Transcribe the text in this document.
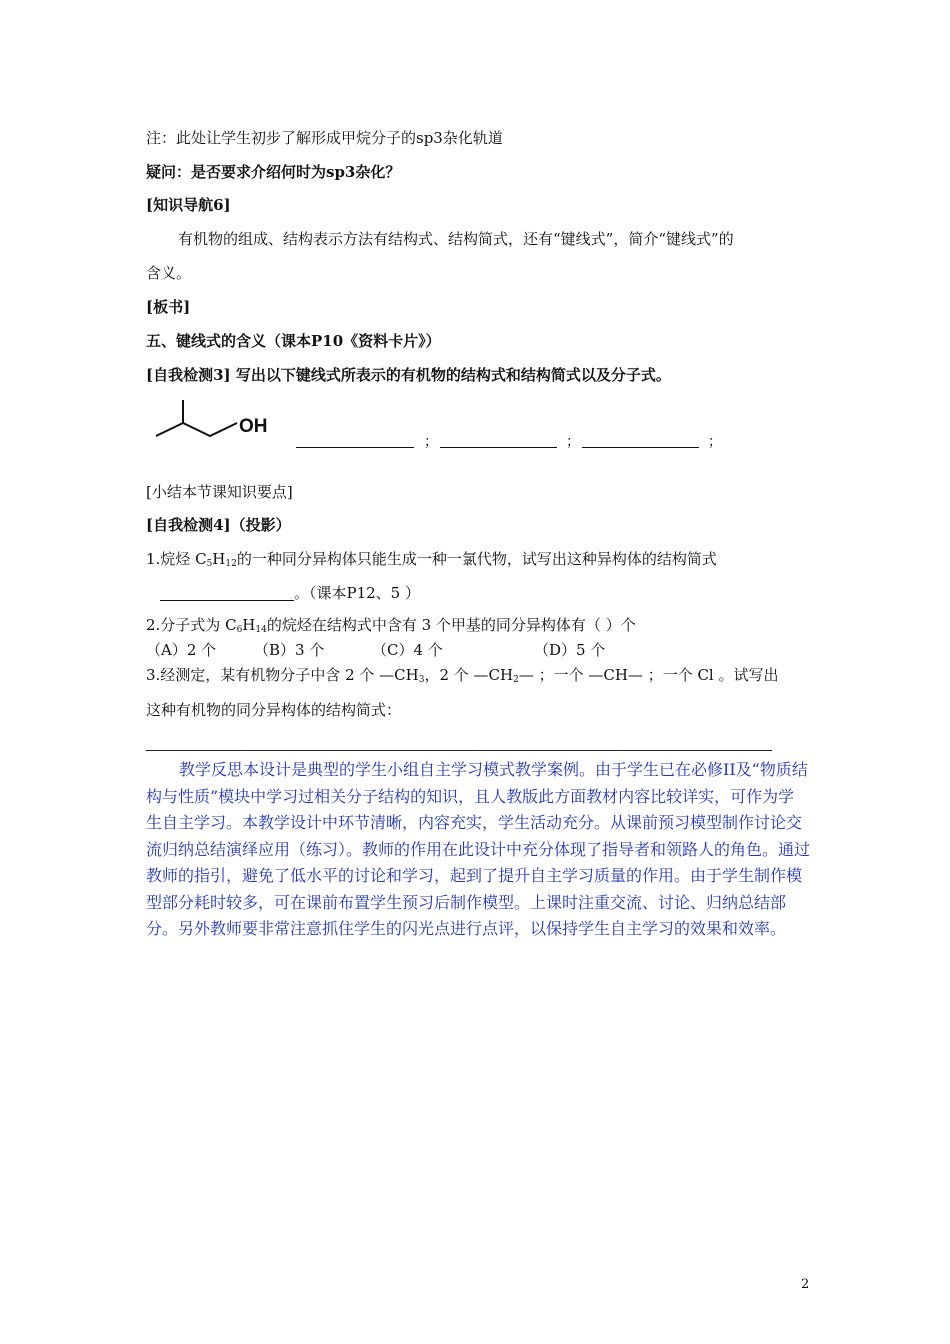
注：此处让学生初步了解形成甲烷分子的sp3杂化轨道
疑问：是否要求介绍何时为sp3杂化？
[知识导航6]
有机物的组成、结构表示方法有结构式、结构简式，还有“键线式”，简介“键线式”的
含义。
[板书]
五、键线式的含义（课本P10《资料卡片》）
[自我检测3] 写出以下键线式所表示的有机物的结构式和结构简式以及分子式。
OH
；	；	；
[小结本节课知识要点]
[自我检测4]（投影）
1.烷烃 $C_5H_{12}$的一种同分异构体只能生成一种一氯代物，试写出这种异构体的结构简式
。（课本P12、5 ）
2.分子式为 $C_6H_{14}$的烷烃在结构式中含有 3 个甲基的同分异构体有（ ）个
（A）2 个	（B）3 个	（C）4 个	（D）5 个
3.经测定，某有机物分子中含 2 个 $—CH_3$，2 个 $—CH_2—$ ；一个 —CH— ；一个 Cl 。试写出
这种有机物的同分异构体的结构简式：
教学反思本设计是典型的学生小组自主学习模式教学案例。由于学生已在必修II及“物质结构与性质”模块中学习过相关分子结构的知识，且人教版此方面教材内容比较详实，可作为学生自主学习。本教学设计中环节清晰，内容充实，学生活动充分。从课前预习模型制作讨论交流归纳总结演绎应用（练习）。教师的作用在此设计中充分体现了指导者和领路人的角色。通过教师的指引，避免了低水平的讨论和学习，起到了提升自主学习质量的作用。由于学生制作模型部分耗时较多，可在课前布置学生预习后制作模型。上课时注重交流、讨论、归纳总结部分。另外教师要非常注意抓住学生的闪光点进行点评，以保持学生自主学习的效果和效率。
2
